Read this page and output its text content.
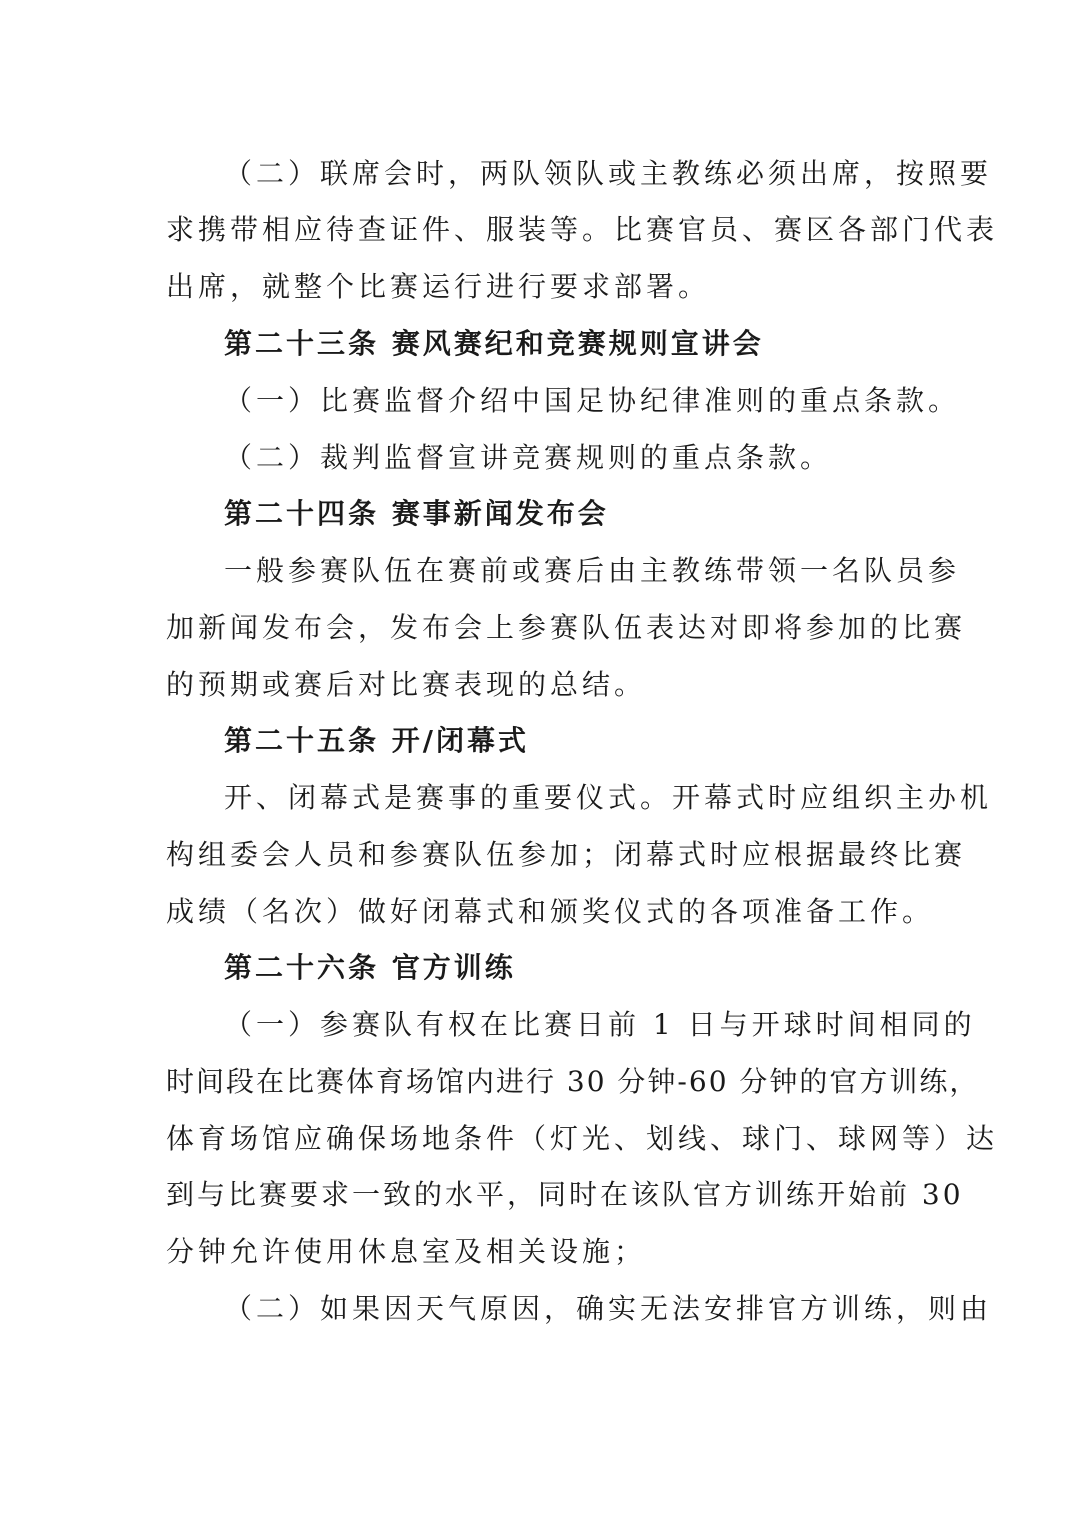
（二）联席会时，两队领队或主教练必须出席，按照要
求携带相应待查证件、服装等。比赛官员、赛区各部门代表
出席，就整个比赛运行进行要求部署。
第二十三条 赛风赛纪和竞赛规则宣讲会
（一）比赛监督介绍中国足协纪律准则的重点条款。
（二）裁判监督宣讲竞赛规则的重点条款。
第二十四条 赛事新闻发布会
一般参赛队伍在赛前或赛后由主教练带领一名队员参
加新闻发布会，发布会上参赛队伍表达对即将参加的比赛
的预期或赛后对比赛表现的总结。
第二十五条 开/闭幕式
开、闭幕式是赛事的重要仪式。开幕式时应组织主办机
构组委会人员和参赛队伍参加；闭幕式时应根据最终比赛
成绩（名次）做好闭幕式和颁奖仪式的各项准备工作。
第二十六条 官方训练
（一）参赛队有权在比赛日前 1 日与开球时间相同的
时间段在比赛体育场馆内进行 30 分钟-60 分钟的官方训练，
体育场馆应确保场地条件（灯光、划线、球门、球网等）达
到与比赛要求一致的水平，同时在该队官方训练开始前 30
分钟允许使用休息室及相关设施；
（二）如果因天气原因，确实无法安排官方训练，则由
